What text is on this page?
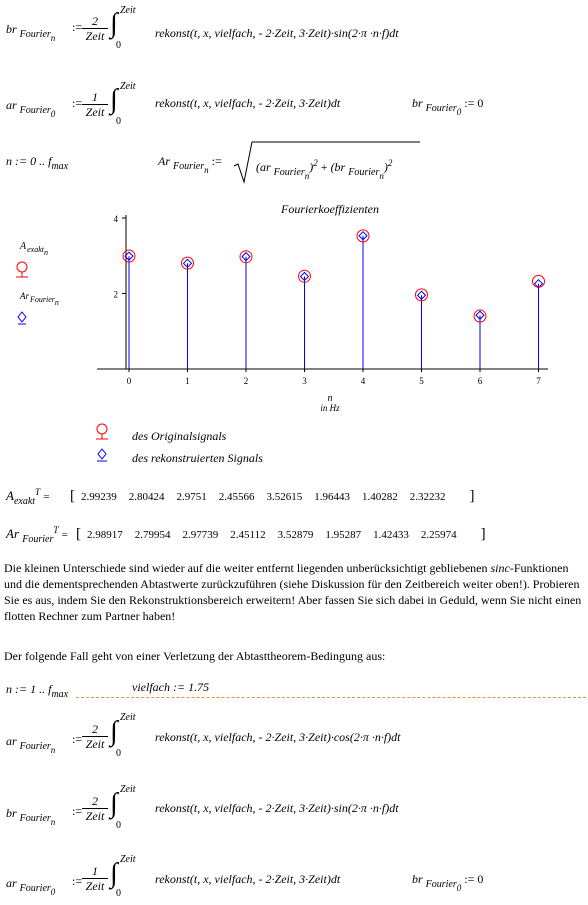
br $_{Fouriern}$
:= 2
Zeit ∫ Zeit
0
rekonst(t, x, vielfach, - 2·Zeit, 3·Zeit)·sin(2·π ·n·f)dt
ar $_{Fourier0}$
:= 1
Zeit ∫ Zeit
0
rekonst(t, x, vielfach, - 2·Zeit, 3·Zeit)dt	br $_{Fourier0}$ := 0
n := 0 .. $f_{max}$	Ar $_{Fouriern}$ :=	(ar $_{Fouriern}$)$^2$ + (br $_{Fouriern}$)$^2$
Fourierkoeffizienten
2
4
0	1	2	3	4	5	6	7
n
in Hz
$A_{exaktn}$
ArFouriern
des Originalsignals
des rekonstruierten Signals
$A_{exakt}^T$ = [ 2.99239 2.80424 2.9751 2.45566 3.52615 1.96443 1.40282 2.32232 ]
Ar $_{Fourier}^T$ = [ 2.98917 2.79954 2.97739 2.45112 3.52879 1.95287 1.42433 2.25974 ]
Die kleinen Unterschiede sind wieder auf die weiter entfernt liegenden unberücksichtigt gebliebenen sinc-Funktionen und die dementsprechenden Abtastwerte zurückzuführen (siehe Diskussion für den Zeitbereich weiter oben!). Probieren Sie es aus, indem Sie den Rekonstruktionsbereich erweitern! Aber fassen Sie sich dabei in Geduld, wenn Sie nicht einen flotten Rechner zum Partner haben!
Der folgende Fall geht von einer Verletzung der Abtasttheorem-Bedingung aus:
n := 1 .. $f_{max}$
vielfach := 1.75
ar $_{Fouriern}$
:=
2
Zeit ∫ Zeit
0
rekonst(t, x, vielfach, - 2·Zeit, 3·Zeit)·cos(2·π ·n·f)dt
br $_{Fouriern}$
:=
2
Zeit ∫ Zeit
0
rekonst(t, x, vielfach, - 2·Zeit, 3·Zeit)·sin(2·π ·n·f)dt
ar $_{Fourier0}$
:=
1
Zeit ∫ Zeit
0
rekonst(t, x, vielfach, - 2·Zeit, 3·Zeit)dt	br $_{Fourier0}$ := 0
